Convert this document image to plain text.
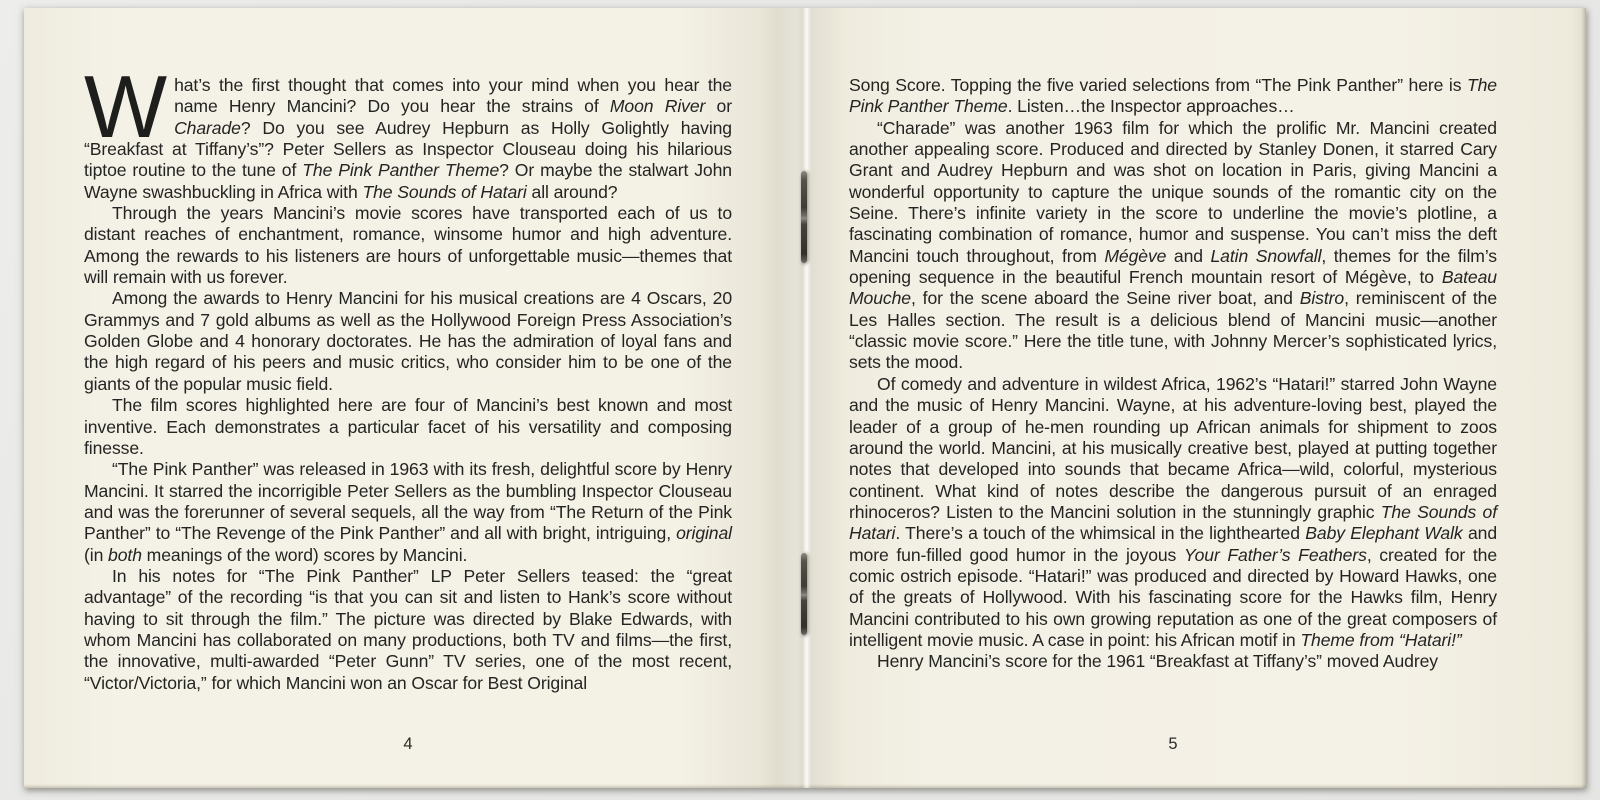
What’s the first thought that comes into your mind when you hear the name Henry Mancini? Do you hear the strains of Moon River or Charade? Do you see Audrey Hepburn as Holly Golightly having “Breakfast at Tiffany’s”? Peter Sellers as Inspector Clouseau doing his hilarious tiptoe routine to the tune of The Pink Panther Theme? Or maybe the stalwart John Wayne swashbuckling in Africa with The Sounds of Hatari all around?

Through the years Mancini’s movie scores have transported each of us to distant reaches of enchantment, romance, winsome humor and high adventure. Among the rewards to his listeners are hours of unforgettable music—themes that will remain with us forever.

Among the awards to Henry Mancini for his musical creations are 4 Oscars, 20 Grammys and 7 gold albums as well as the Hollywood Foreign Press Association’s Golden Globe and 4 honorary doctorates. He has the admiration of loyal fans and the high regard of his peers and music critics, who consider him to be one of the giants of the popular music field.

The film scores highlighted here are four of Mancini’s best known and most inventive. Each demonstrates a particular facet of his versatility and composing finesse.

“The Pink Panther” was released in 1963 with its fresh, delightful score by Henry Mancini. It starred the incorrigible Peter Sellers as the bumbling Inspector Clouseau and was the forerunner of several sequels, all the way from “The Return of the Pink Panther” to “The Revenge of the Pink Panther” and all with bright, intriguing, original (in both meanings of the word) scores by Mancini.

In his notes for “The Pink Panther” LP Peter Sellers teased: the “great advantage” of the recording “is that you can sit and listen to Hank’s score without having to sit through the film.” The picture was directed by Blake Edwards, with whom Mancini has collaborated on many productions, both TV and films—the first, the innovative, multi-awarded “Peter Gunn” TV series, one of the most recent, “Victor/Victoria,” for which Mancini won an Oscar for Best Original

4

Song Score. Topping the five varied selections from “The Pink Panther” here is The Pink Panther Theme. Listen…the Inspector approaches…

“Charade” was another 1963 film for which the prolific Mr. Mancini created another appealing score. Produced and directed by Stanley Donen, it starred Cary Grant and Audrey Hepburn and was shot on location in Paris, giving Mancini a wonderful opportunity to capture the unique sounds of the romantic city on the Seine. There’s infinite variety in the score to underline the movie’s plotline, a fascinating combination of romance, humor and suspense. You can’t miss the deft Mancini touch throughout, from Mégève and Latin Snowfall, themes for the film’s opening sequence in the beautiful French mountain resort of Mégève, to Bateau Mouche, for the scene aboard the Seine river boat, and Bistro, reminiscent of the Les Halles section. The result is a delicious blend of Mancini music—another “classic movie score.” Here the title tune, with Johnny Mercer’s sophisticated lyrics, sets the mood.

Of comedy and adventure in wildest Africa, 1962’s “Hatari!” starred John Wayne and the music of Henry Mancini. Wayne, at his adventure-loving best, played the leader of a group of he-men rounding up African animals for shipment to zoos around the world. Mancini, at his musically creative best, played at putting together notes that developed into sounds that became Africa—wild, colorful, mysterious continent. What kind of notes describe the dangerous pursuit of an enraged rhinoceros? Listen to the Mancini solution in the stunningly graphic The Sounds of Hatari. There’s a touch of the whimsical in the lighthearted Baby Elephant Walk and more fun-filled good humor in the joyous Your Father’s Feathers, created for the comic ostrich episode. “Hatari!” was produced and directed by Howard Hawks, one of the greats of Hollywood. With his fascinating score for the Hawks film, Henry Mancini contributed to his own growing reputation as one of the great composers of intelligent movie music. A case in point: his African motif in Theme from “Hatari!”

Henry Mancini’s score for the 1961 “Breakfast at Tiffany’s” moved Audrey

5
